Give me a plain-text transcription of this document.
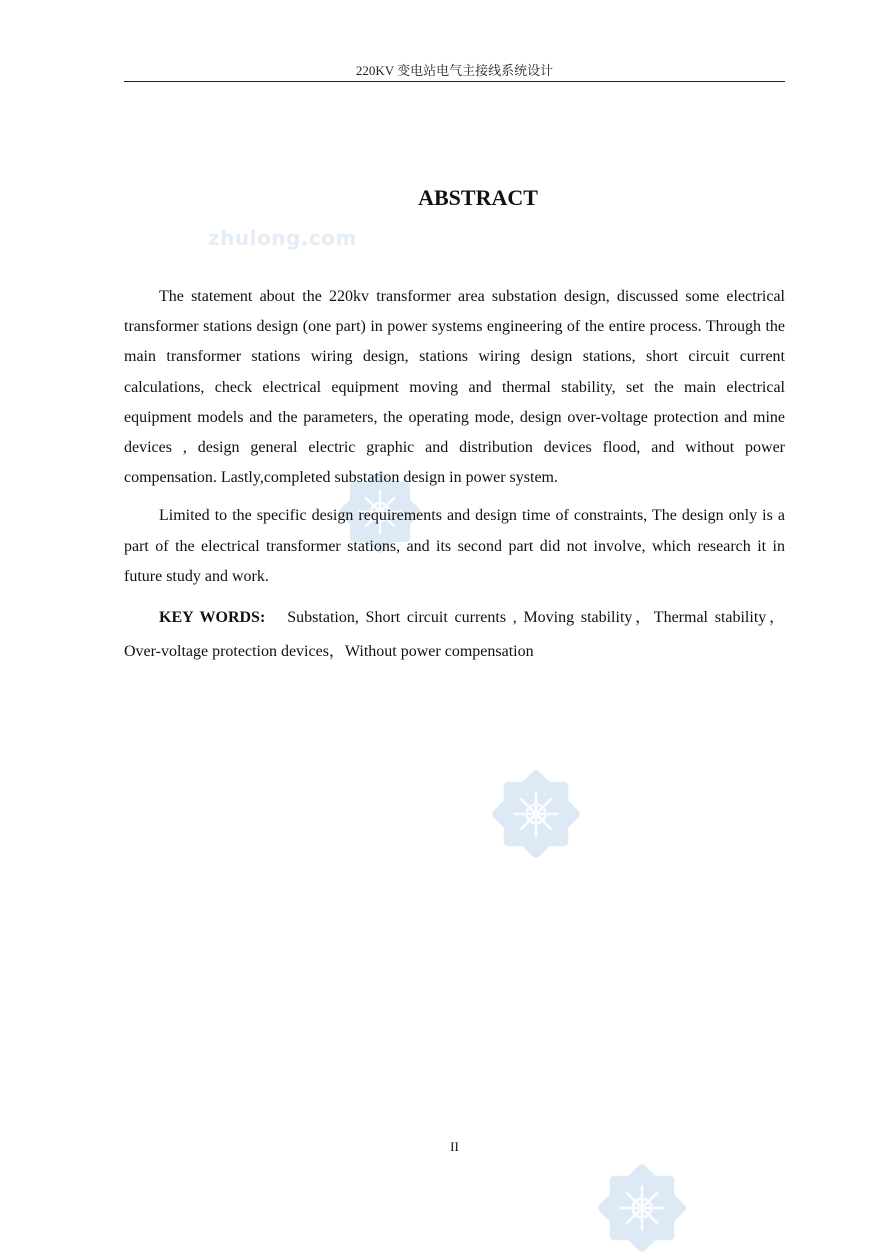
220KV 变电站电气主接线系统设计
zhulong.com
ABSTRACT

The statement about the 220kv transformer area substation design, discussed some electrical transformer stations design (one part) in power systems engineering of the entire process. Through the main transformer stations wiring design, stations wiring design stations, short circuit current calculations, check electrical equipment moving and thermal stability, set the main electrical equipment models and the parameters, the operating mode, design over-voltage protection and mine devices , design general electric graphic and distribution devices flood, and without power compensation. Lastly,completed substation design in power system.

Limited to the specific design requirements and design time of constraints, The design only is a part of the electrical transformer stations, and its second part did not involve, which research it in future study and work.

KEY WORDS: Substation, Short circuit currents , Moving stability，Thermal stability，Over-voltage protection devices，Without power compensation

II
